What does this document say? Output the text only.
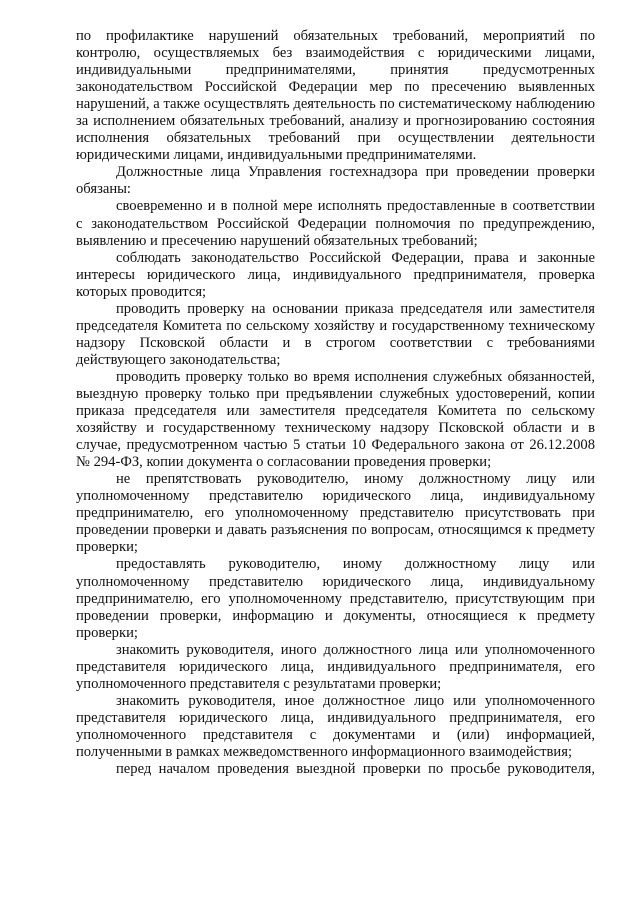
по профилактике нарушений обязательных требований, мероприятий по контролю, осуществляемых без взаимодействия с юридическими лицами, индивидуальными предпринимателями, принятия предусмотренных законодательством Российской Федерации мер по пресечению выявленных нарушений, а также осуществлять деятельность по систематическому наблюдению за исполнением обязательных требований, анализу и прогнозированию состояния исполнения обязательных требований при осуществлении деятельности юридическими лицами, индивидуальными предпринимателями.

Должностные лица Управления гостехнадзора при проведении проверки обязаны:

своевременно и в полной мере исполнять предоставленные в соответствии

с законодательством Российской Федерации полномочия по предупреждению, выявлению и пресечению нарушений обязательных требований;

соблюдать законодательство Российской Федерации, права и законные интересы юридического лица, индивидуального предпринимателя, проверка которых проводится;

проводить проверку на основании приказа председателя или заместителя председателя Комитета по сельскому хозяйству и государственному техническому надзору Псковской области и в строгом соответствии с требованиями действующего законодательства;

проводить проверку только во время исполнения служебных обязанностей, выездную проверку только при предъявлении служебных удостоверений, копии приказа председателя или заместителя председателя Комитета по сельскому хозяйству и государственному техническому надзору Псковской области и в случае, предусмотренном частью 5 статьи 10 Федерального закона от 26.12.2008 № 294-ФЗ, копии документа о согласовании проведения проверки;

не препятствовать руководителю, иному должностному лицу или уполномоченному представителю юридического лица, индивидуальному предпринимателю, его уполномоченному представителю присутствовать при проведении проверки и давать разъяснения по вопросам, относящимся к предмету проверки;

предоставлять руководителю, иному должностному лицу или уполномоченному представителю юридического лица, индивидуальному предпринимателю, его уполномоченному представителю, присутствующим при проведении проверки, информацию и документы, относящиеся к предмету проверки;

знакомить руководителя, иного должностного лица или уполномоченного представителя юридического лица, индивидуального предпринимателя, его уполномоченного представителя с результатами проверки;

знакомить руководителя, иное должностное лицо или уполномоченного представителя юридического лица, индивидуального предпринимателя, его уполномоченного представителя с документами и (или) информацией, полученными в рамках межведомственного информационного взаимодействия;

перед началом проведения выездной проверки по просьбе руководителя,
